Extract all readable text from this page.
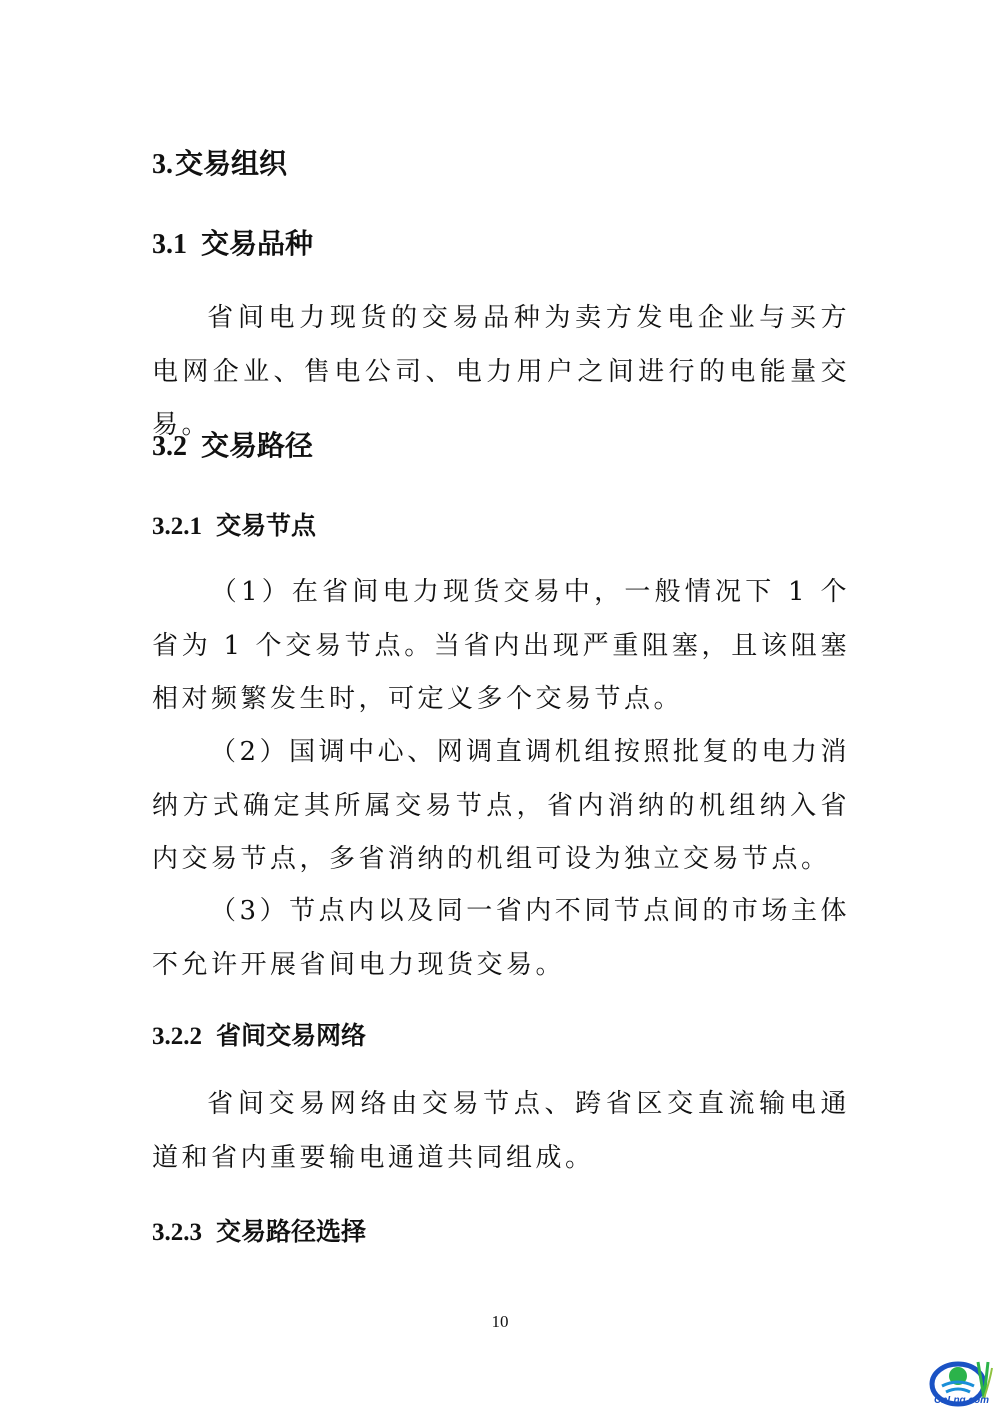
3.交易组织
3.1 交易品种

省间电力现货的交易品种为卖方发电企业与买方电网企业、售电公司、电力用户之间进行的电能量交易。

3.2 交易路径
3.2.1 交易节点

（1）在省间电力现货交易中，一般情况下 1 个省为 1 个交易节点。当省内出现严重阻塞，且该阻塞相对频繁发生时，可定义多个交易节点。

（2）国调中心、网调直调机组按照批复的电力消纳方式确定其所属交易节点，省内消纳的机组纳入省内交易节点，多省消纳的机组可设为独立交易节点。

（3）节点内以及同一省内不同节点间的市场主体不允许开展省间电力现货交易。

3.2.2 省间交易网络

省间交易网络由交易节点、跨省区交直流输电通道和省内重要输电通道共同组成。

3.2.3 交易路径选择

10

CnLng.com
